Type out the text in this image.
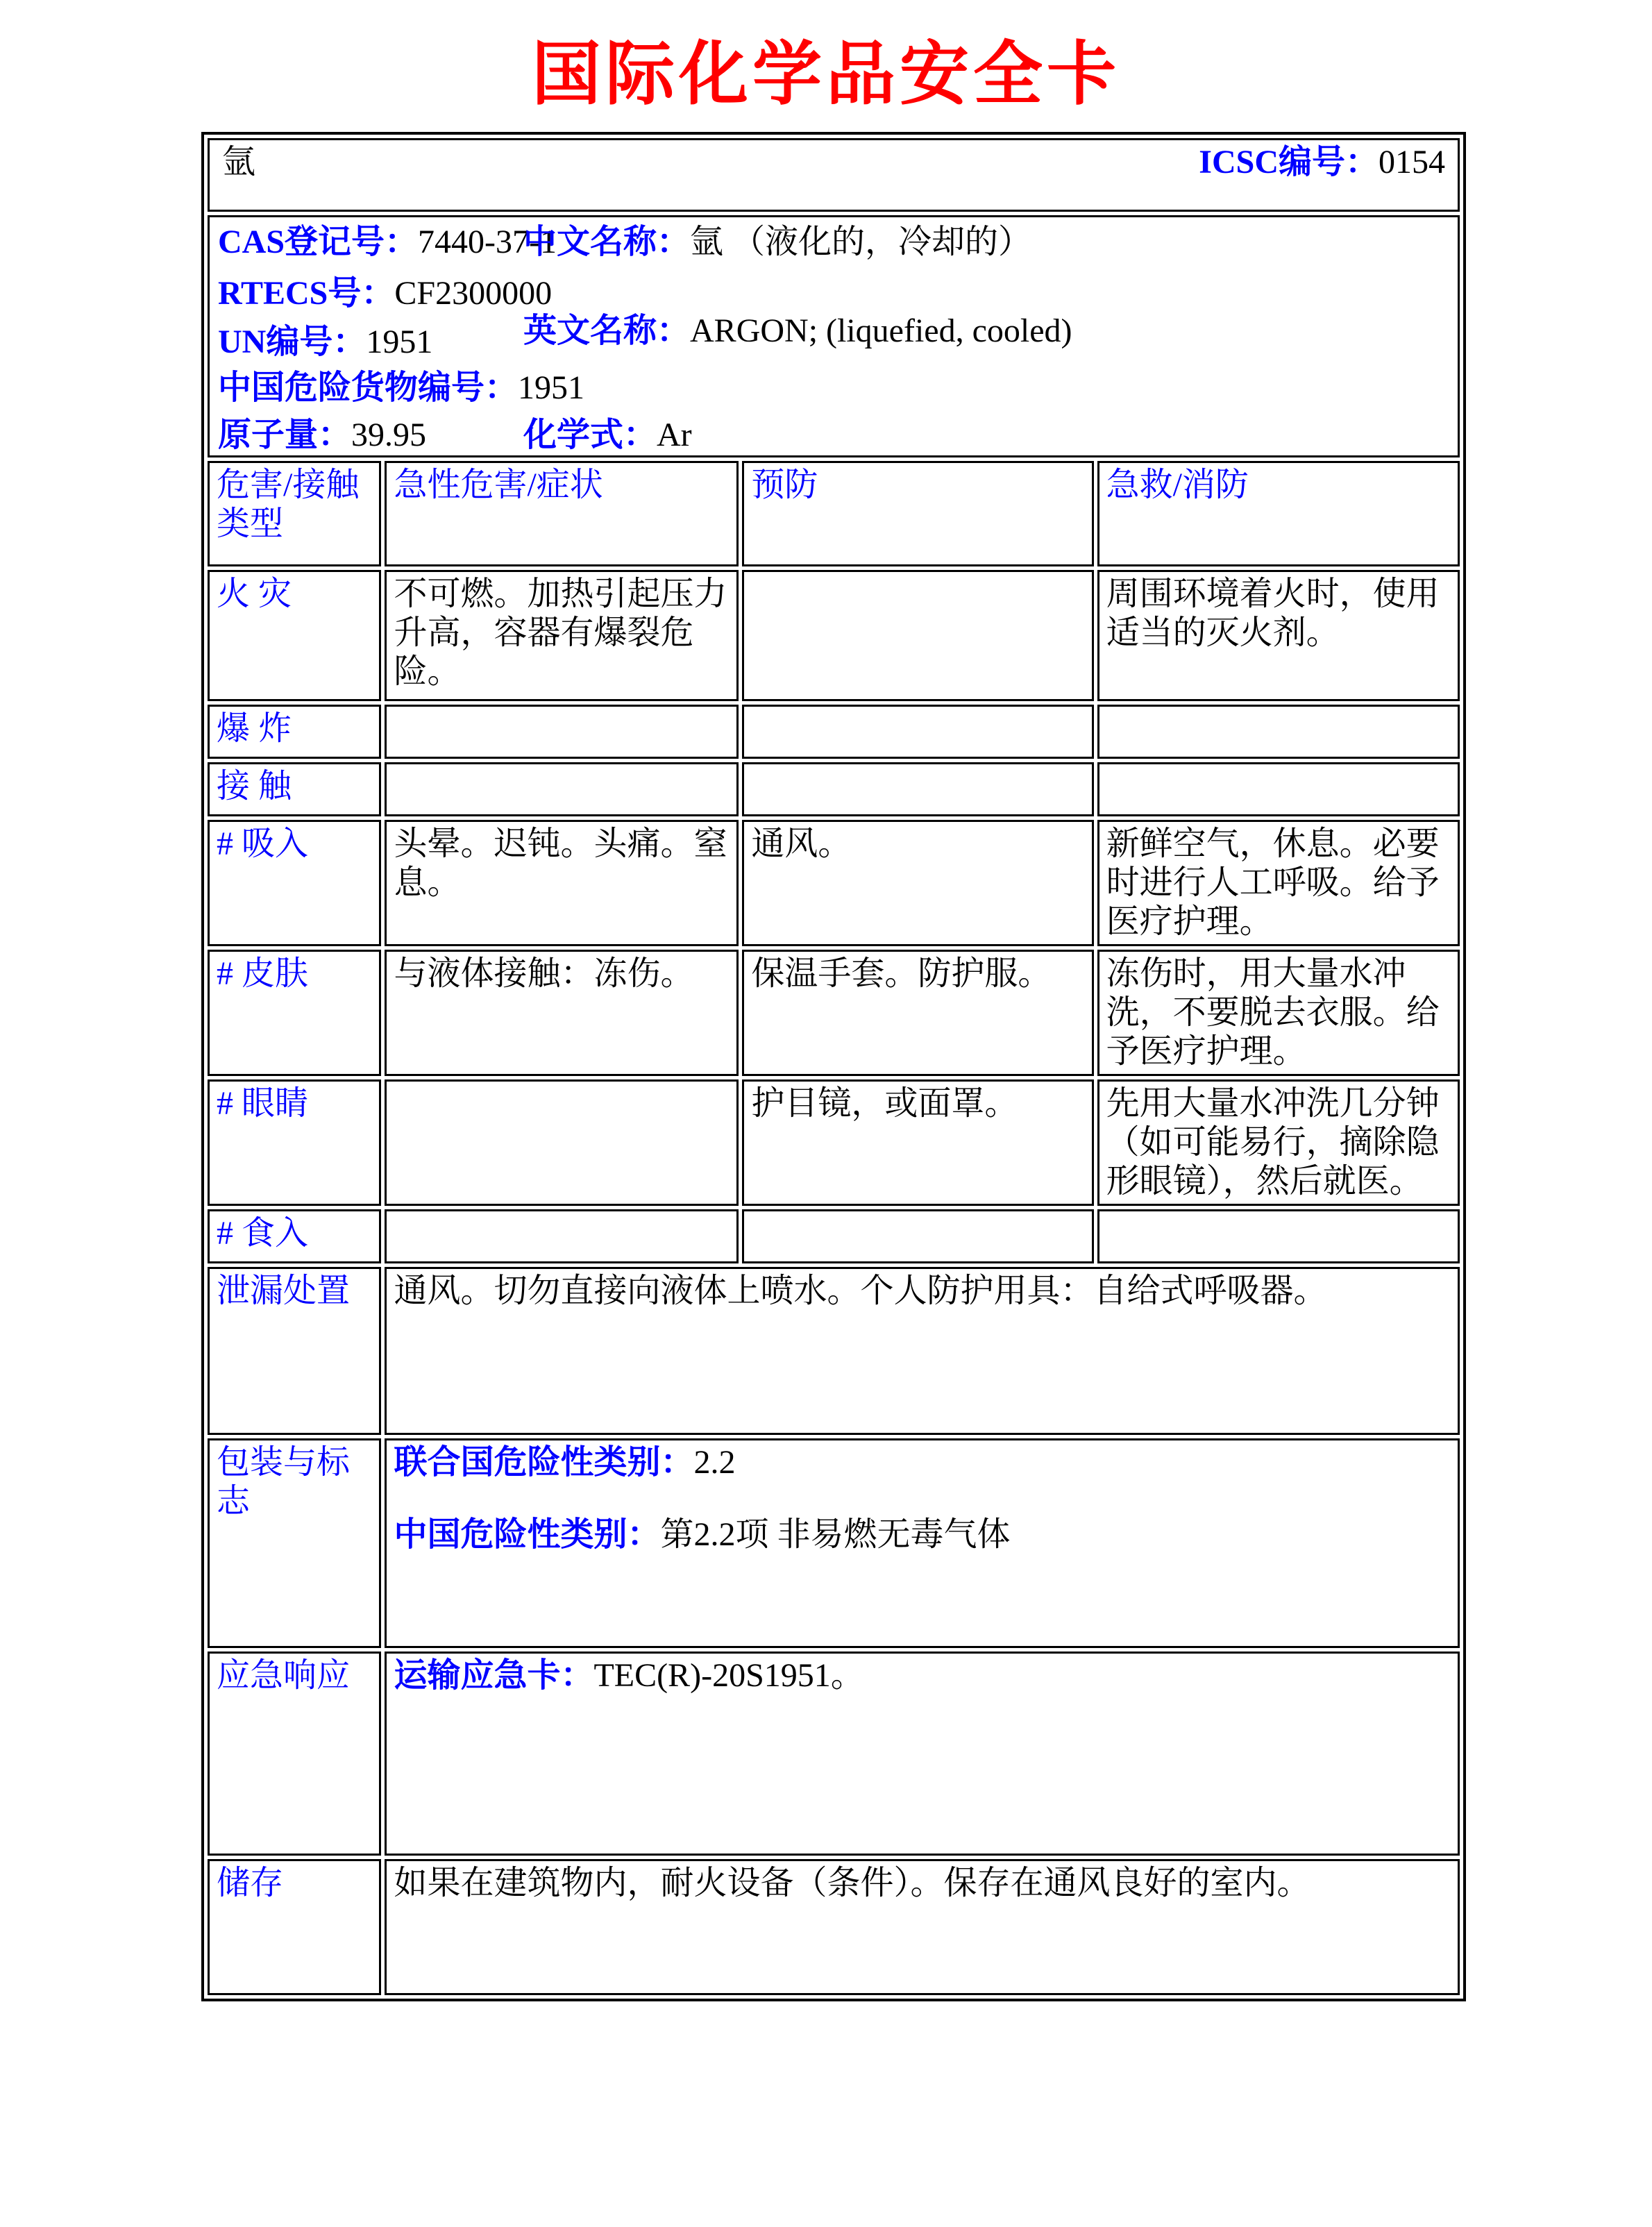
国际化学品安全卡
氩 ICSC编号：0154			

CAS登记号：7440-37-1
中文名称：氩 （液化的，冷却的）
RTECS号：CF2300000
英文名称：ARGON; (liquefied, cooled)
UN编号：1951
中国危险货物编号：1951
原子量：39.95	化学式：Ar

危害/接触类型	急性危害/症状	预防	急救/消防
火 灾	不可燃。加热引起压力升高，容器有爆裂危险。		周围环境着火时，使用适当的灭火剂。
爆 炸			
接 触			
# 吸入	头晕。迟钝。头痛。窒息。	通风。	新鲜空气，休息。必要时进行人工呼吸。给予医疗护理。
# 皮肤	与液体接触：冻伤。	保温手套。防护服。	冻伤时，用大量水冲洗，不要脱去衣服。给予医疗护理。
# 眼睛		护目镜，或面罩。	先用大量水冲洗几分钟（如可能易行，摘除隐形眼镜），然后就医。
# 食入			
泄漏处置	通风。切勿直接向液体上喷水。个人防护用具：自给式呼吸器。		
包装与标志	联合国危险性类别：2.2
中国危险性类别：第2.2项 非易燃无毒气体		

应急响应	运输应急卡：TEC(R)-20S1951。		

储存	如果在建筑物内，耐火设备（条件）。保存在通风良好的室内。		
